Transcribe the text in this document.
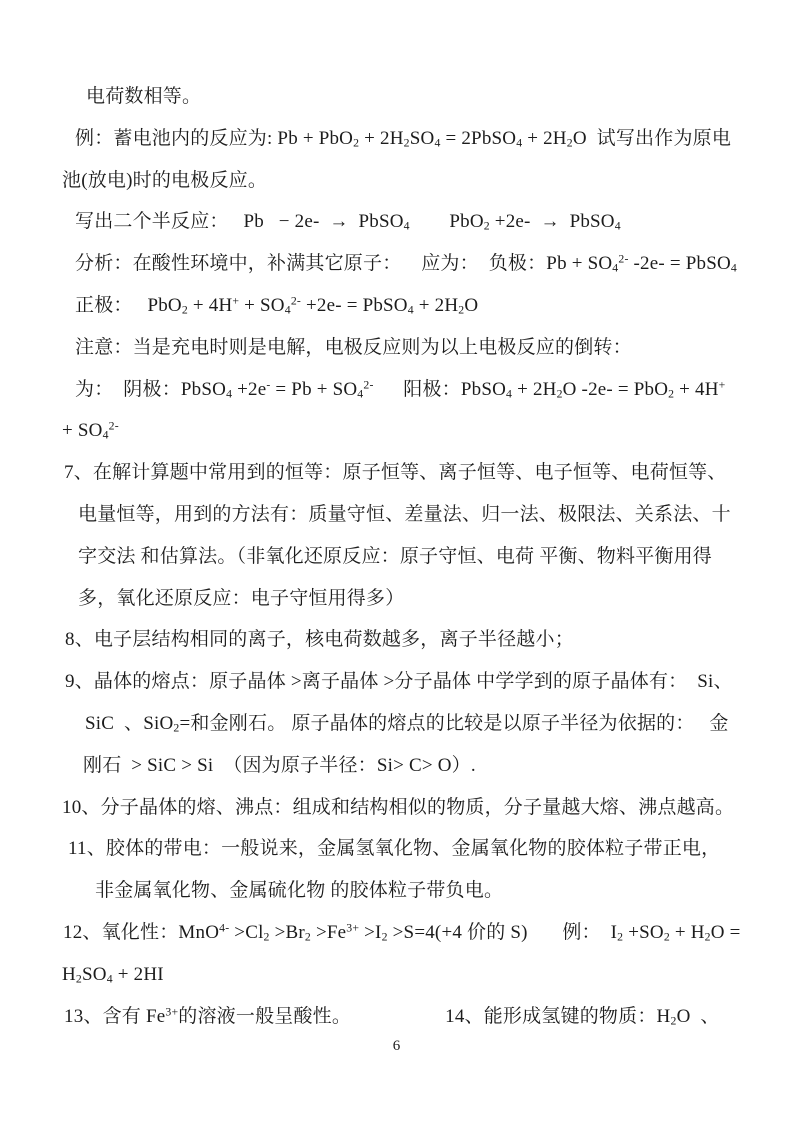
电荷数相等。
例：蓄电池内的反应为: $Pb + PbO_2 + 2H_2SO_4$ = 2PbSO$_4$ + $2H_2O$  试写出作为原电
池(放电)时的电极反应。
写出二个半反应：   Pb   − 2e-  →  PbSO$_4$        PbO$_2$ +2e-  →  PbSO$_4$
分析：在酸性环境中，补满其它原子：    应为：  负极：$Pb + SO_4^{2-}$ -2e- = PbSO$_4$
正极：   $PbO_2 + 4H^+ + SO_4^{2-} +2e-$ = PbSO$_4$ + $2H_2O$
注意：当是充电时则是电解，电极反应则为以上电极反应的倒转：
为：  阴极：PbSO$_4$ $+2e^- = Pb + SO_4^{2-}$      阳极：PbSO$_4$ + $2H_2O$ -2e- = PbO$_2$ + 4H+
+ $SO_4^{2-}$
7、在解计算题中常用到的恒等：原子恒等、离子恒等、电子恒等、电荷恒等、
电量恒等，用到的方法有：质量守恒、差量法、归一法、极限法、关系法、十
字交法 和估算法。（非氧化还原反应：原子守恒、电荷 平衡、物料平衡用得
多，氧化还原反应：电子守恒用得多）
8、电子层结构相同的离子，核电荷数越多，离子半径越小；
9、晶体的熔点：原子晶体 >离子晶体 >分子晶体 中学学到的原子晶体有：  Si、
SiC  、SiO$_2$=和金刚石。 原子晶体的熔点的比较是以原子半径为依据的：   金
刚石  > SiC > Si  （因为原子半径：Si> C> O）.
10、分子晶体的熔、沸点：组成和结构相似的物质，分子量越大熔、沸点越高。
11、胶体的带电：一般说来，金属氢氧化物、金属氧化物的胶体粒子带正电，
非金属氧化物、金属硫化物 的胶体粒子带负电。
12、氧化性：$MnO^{4-} >Cl_2 >Br_2 >Fe^{3+} >I_2 >S=4(+4$ 价的 S)       例：  $I_2 +SO_2 + H_2O$ =
$H_2SO_4 + 2HI$
13、含有 $Fe^{3+}$的溶液一般呈酸性。                   14、能形成氢键的物质：$H_2O$  、
6
